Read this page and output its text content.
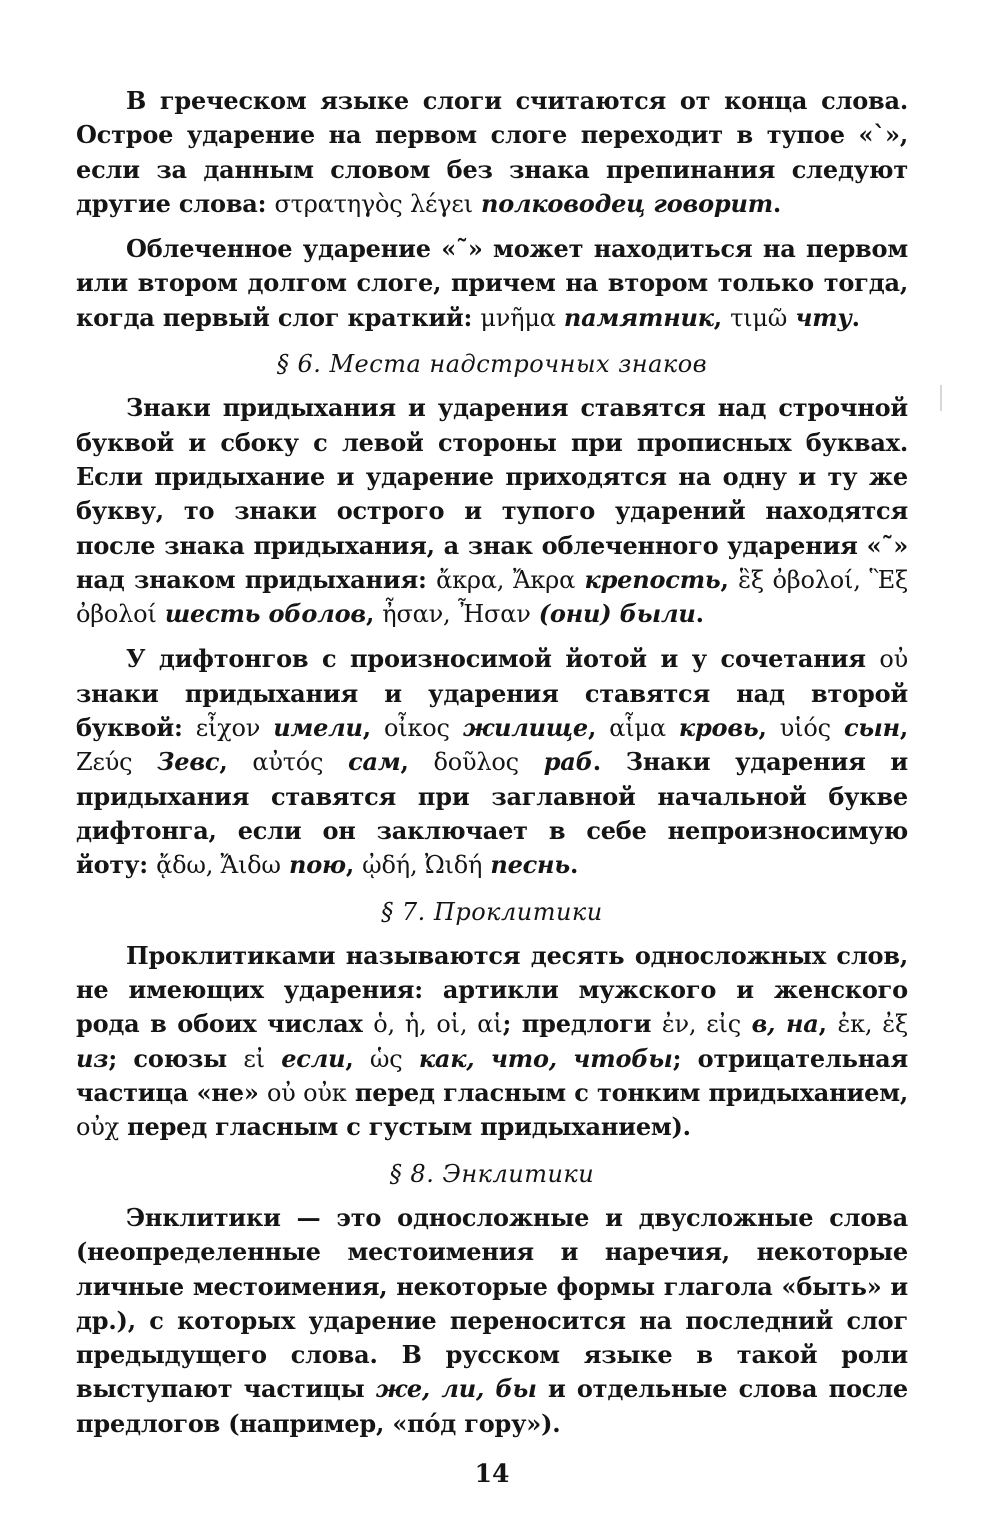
В греческом языке слоги считаются от конца слова. Острое ударение на первом слоге переходит в тупое «`», если за данным словом без знака препинания следуют другие слова: στρατηγὸς λέγει полководец говорит.

Облеченное ударение «῀» может находиться на первом или втором долгом слоге, причем на втором только тогда, когда первый слог краткий: μνῆμα памятник, τιμῶ чту.

§ 6. Места надстрочных знаков

Знаки придыхания и ударения ставятся над строчной буквой и сбоку с левой стороны при прописных буквах. Если придыхание и ударение приходятся на одну и ту же букву, то знаки острого и тупого ударений находятся после знака придыхания, а знак облеченного ударения «῀» над знаком придыхания: ἄκρα, Ἄκρα крепость, ἓξ ὀβολοί, Ἓξ ὀβολοί шесть оболов, ἦσαν, Ἦσαν (они) были.

У дифтонгов с произносимой йотой и у сочетания οὐ знаки придыхания и ударения ставятся над второй буквой: εἶχον имели, οἶκος жилище, αἷμα кровь, υἱός сын, Ζεύς Зевс, αὐτός сам, δοῦλος раб. Знаки ударения и придыхания ставятся при заглавной начальной букве дифтонга, если он заключает в себе непроизносимую йоту: ᾄδω, Ἄιδω пою, ᾠδή, Ὠιδή песнь.

§ 7. Проклитики

Проклитиками называются десять односложных слов, не имеющих ударения: артикли мужского и женского рода в обоих числах ὁ, ἡ, οἱ, αἱ; предлоги ἐν, εἰς в, на, ἐκ, ἐξ из; союзы εἰ если, ὡς как, что, чтобы; отрицательная частица «не» οὐ οὐκ перед гласным с тонким придыханием, οὐχ перед гласным с густым придыханием).

§ 8. Энклитики

Энклитики — это односложные и двусложные слова (неопределенные местоимения и наречия, некоторые личные местоимения, некоторые формы глагола «быть» и др.), с которых ударение переносится на последний слог предыдущего слова. В русском языке в такой роли выступают частицы же, ли, бы и отдельные слова после предлогов (например, «по́д гору»).

14
